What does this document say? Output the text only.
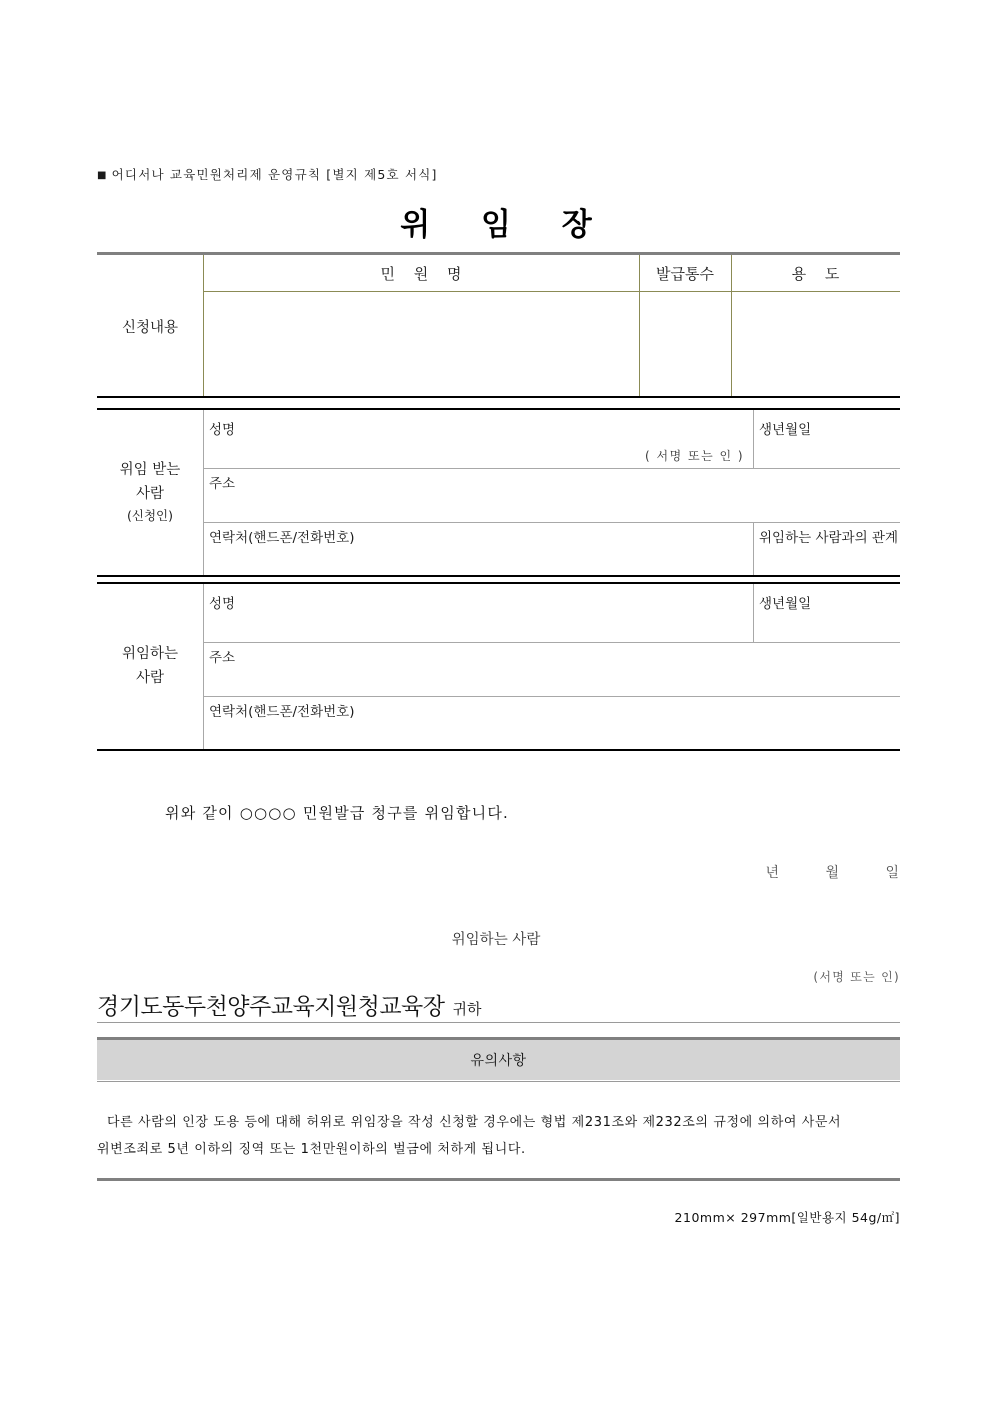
■ 어디서나 교육민원처리제 운영규칙 [별지 제5호 서식]
위 임 장
신청내용
민 원 명	발급통수	용 도
위임 받는
사람
(신청인)
성명	생년월일
( 서명 또는 인 )
주소
연락처(핸드폰/전화번호)	위임하는 사람과의 관계
위임하는
사람
성명	생년월일
주소
연락처(핸드폰/전화번호)
위와 같이 ○○○○ 민원발급 청구를 위임합니다.
년	월	일
위임하는 사람
(서명 또는 인)
경기도동두천양주교육지원청교육장 귀하
유의사항

다른 사람의 인장 도용 등에 대해 허위로 위임장을 작성 신청할 경우에는 형법 제231조와 제232조의 규정에 의하여 사문서

위변조죄로 5년 이하의 징역 또는 1천만원이하의 벌금에 처하게 됩니다.

210mm× 297mm[일반용지 54g/㎡]
